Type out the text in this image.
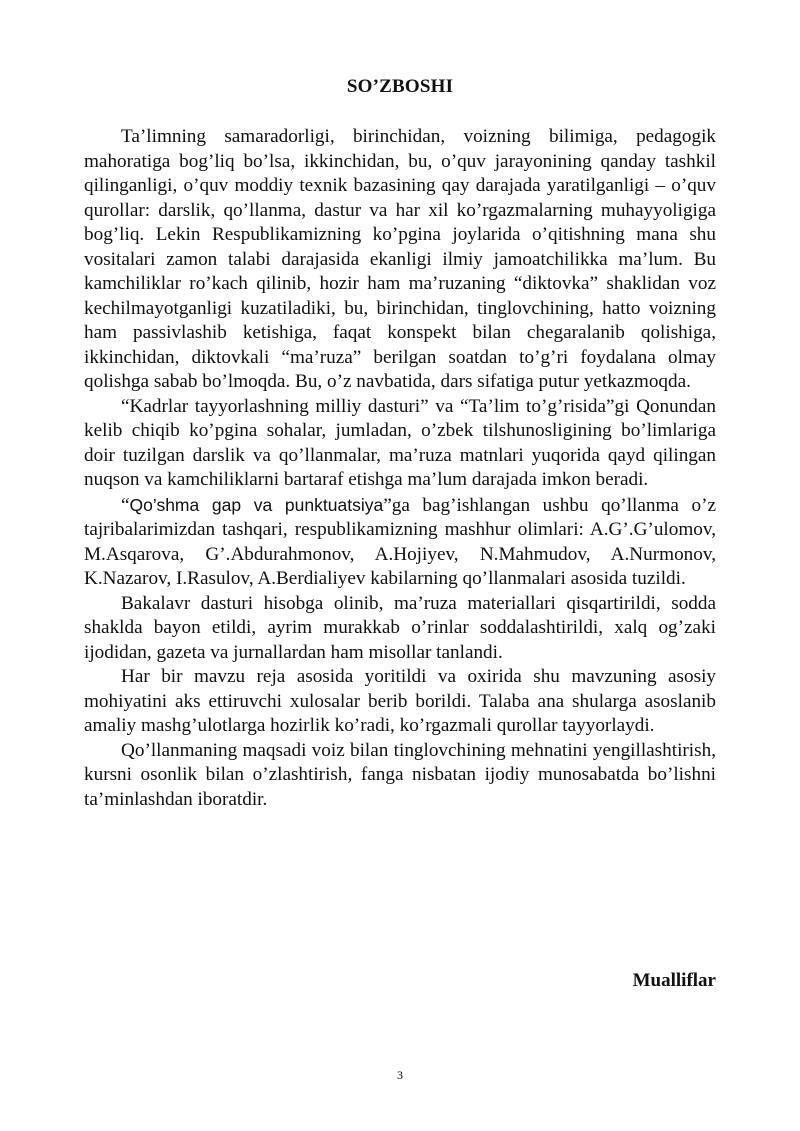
SO’ZBOSHI

Ta’limning samaradorligi, birinchidan, voizning bilimiga, pedagogik mahoratiga bog’liq bo’lsa, ikkinchidan, bu, o’quv jarayonining qanday tashkil qilinganligi, o’quv moddiy texnik bazasining qay darajada yaratilganligi – o’quv qurollar: darslik, qo’llanma, dastur va har xil ko’rgazmalarning muhayyoligiga bog’liq. Lekin Respublikamizning ko’pgina joylarida o’qitishning mana shu vositalari zamon talabi darajasida ekanligi ilmiy jamoatchilikka ma’lum. Bu kamchiliklar ro’kach qilinib, hozir ham ma’ruzaning “diktovka” shaklidan voz kechilmayotganligi kuzatiladiki, bu, birinchidan, tinglovchining, hatto voizning ham passivlashib ketishiga, faqat konspekt bilan chegaralanib qolishiga, ikkinchidan, diktovkali “ma’ruza” berilgan soatdan to’g’ri foydalana olmay qolishga sabab bo’lmoqda. Bu, o’z navbatida, dars sifatiga putur yetkazmoqda.

“Kadrlar tayyorlashning milliy dasturi” va “Ta’lim to’g’risida”gi Qonundan kelib chiqib ko’pgina sohalar, jumladan, o’zbek tilshunosligining bo’limlariga doir tuzilgan darslik va qo’llanmalar, ma’ruza matnlari yuqorida qayd qilingan nuqson va kamchiliklarni bartaraf etishga ma’lum darajada imkon beradi.

“Qo’shma gap va punktuatsiya”ga bag’ishlangan ushbu qo’llanma o’z tajribalarimizdan tashqari, respublikamizning mashhur olimlari: A.G’.G’ulomov, M.Asqarova, G’.Abdurahmonov, A.Hojiyev, N.Mahmudov, A.Nurmonov, K.Nazarov, I.Rasulov, A.Berdialiyev kabilarning qo’llanmalari asosida tuzildi.

Bakalavr dasturi hisobga olinib, ma’ruza materiallari qisqartirildi, sodda shaklda bayon etildi, ayrim murakkab o’rinlar soddalashtirildi, xalq og’zaki ijodidan, gazeta va jurnallardan ham misollar tanlandi.

Har bir mavzu reja asosida yoritildi va oxirida shu mavzuning asosiy mohiyatini aks ettiruvchi xulosalar berib borildi. Talaba ana shularga asoslanib amaliy mashg’ulotlarga hozirlik ko’radi, ko’rgazmali qurollar tayyorlaydi.

Qo’llanmaning maqsadi voiz bilan tinglovchining mehnatini yengillashtirish, kursni osonlik bilan o’zlashtirish, fanga nisbatan ijodiy munosabatda bo’lishni ta’minlashdan iboratdir.

Mualliflar
3
